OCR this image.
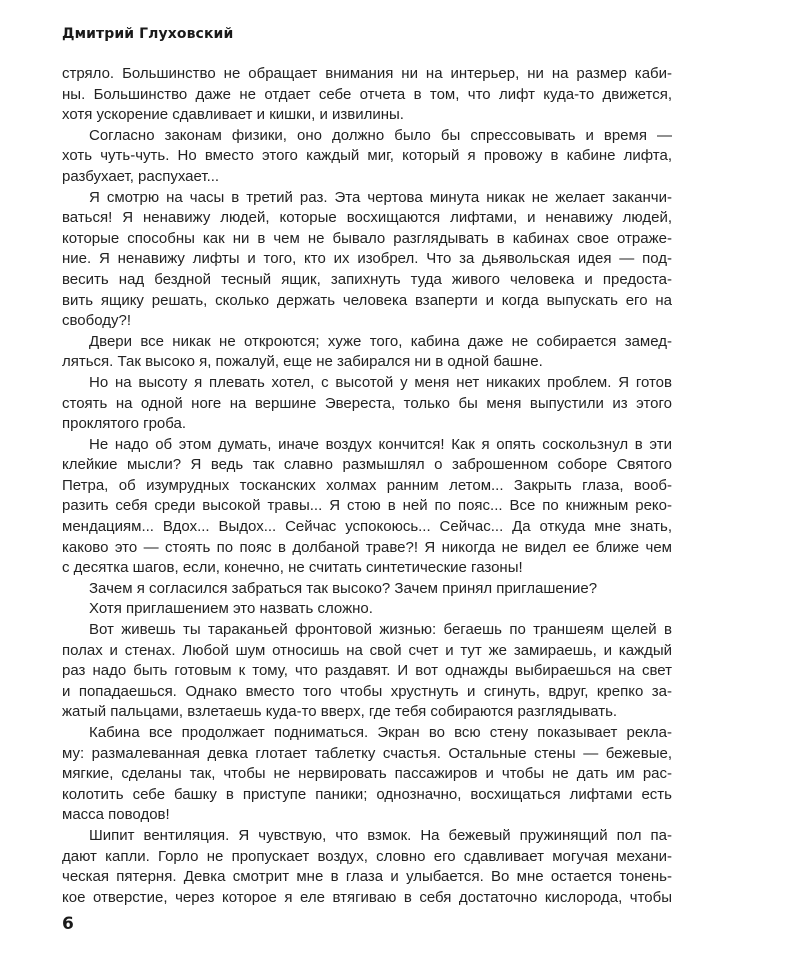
Дмитрий Глуховский
стряло. Большинство не обращает внимания ни на интерьер, ни на размер каби-
ны. Большинство даже не отдает себе отчета в том, что лифт куда-то движется,
хотя ускорение сдавливает и кишки, и извилины.
Согласно законам физики, оно должно было бы спрессовывать и время —
хоть чуть-чуть. Но вместо этого каждый миг, который я провожу в кабине лифта,
разбухает, распухает...
Я смотрю на часы в третий раз. Эта чертова минута никак не желает заканчи-
ваться! Я ненавижу людей, которые восхищаются лифтами, и ненавижу людей,
которые способны как ни в чем не бывало разглядывать в кабинах свое отраже-
ние. Я ненавижу лифты и того, кто их изобрел. Что за дьявольская идея — под-
весить над бездной тесный ящик, запихнуть туда живого человека и предоста-
вить ящику решать, сколько держать человека взаперти и когда выпускать его на
свободу?!
Двери все никак не откроются; хуже того, кабина даже не собирается замед-
ляться. Так высоко я, пожалуй, еще не забирался ни в одной башне.
Но на высоту я плевать хотел, с высотой у меня нет никаких проблем. Я готов
стоять на одной ноге на вершине Эвереста, только бы меня выпустили из этого
проклятого гроба.
Не надо об этом думать, иначе воздух кончится! Как я опять соскользнул в эти
клейкие мысли? Я ведь так славно размышлял о заброшенном соборе Святого
Петра, об изумрудных тосканских холмах ранним летом... Закрыть глаза, вооб-
разить себя среди высокой травы... Я стою в ней по пояс... Все по книжным реко-
мендациям... Вдох... Выдох... Сейчас успокоюсь... Сейчас... Да откуда мне знать,
каково это — стоять по пояс в долбаной траве?! Я никогда не видел ее ближе чем
с десятка шагов, если, конечно, не считать синтетические газоны!
Зачем я согласился забраться так высоко? Зачем принял приглашение?
Хотя приглашением это назвать сложно.
Вот живешь ты тараканьей фронтовой жизнью: бегаешь по траншеям щелей в
полах и стенах. Любой шум относишь на свой счет и тут же замираешь, и каждый
раз надо быть готовым к тому, что раздавят. И вот однажды выбираешься на свет
и попадаешься. Однако вместо того чтобы хрустнуть и сгинуть, вдруг, крепко за-
жатый пальцами, взлетаешь куда-то вверх, где тебя собираются разглядывать.
Кабина все продолжает подниматься. Экран во всю стену показывает рекла-
му: размалеванная девка глотает таблетку счастья. Остальные стены — бежевые,
мягкие, сделаны так, чтобы не нервировать пассажиров и чтобы не дать им рас-
колотить себе башку в приступе паники; однозначно, восхищаться лифтами есть
масса поводов!
Шипит вентиляция. Я чувствую, что взмок. На бежевый пружинящий пол па-
дают капли. Горло не пропускает воздух, словно его сдавливает могучая механи-
ческая пятерня. Девка смотрит мне в глаза и улыбается. Во мне остается тонень-
кое отверстие, через которое я еле втягиваю в себя достаточно кислорода, чтобы
6
